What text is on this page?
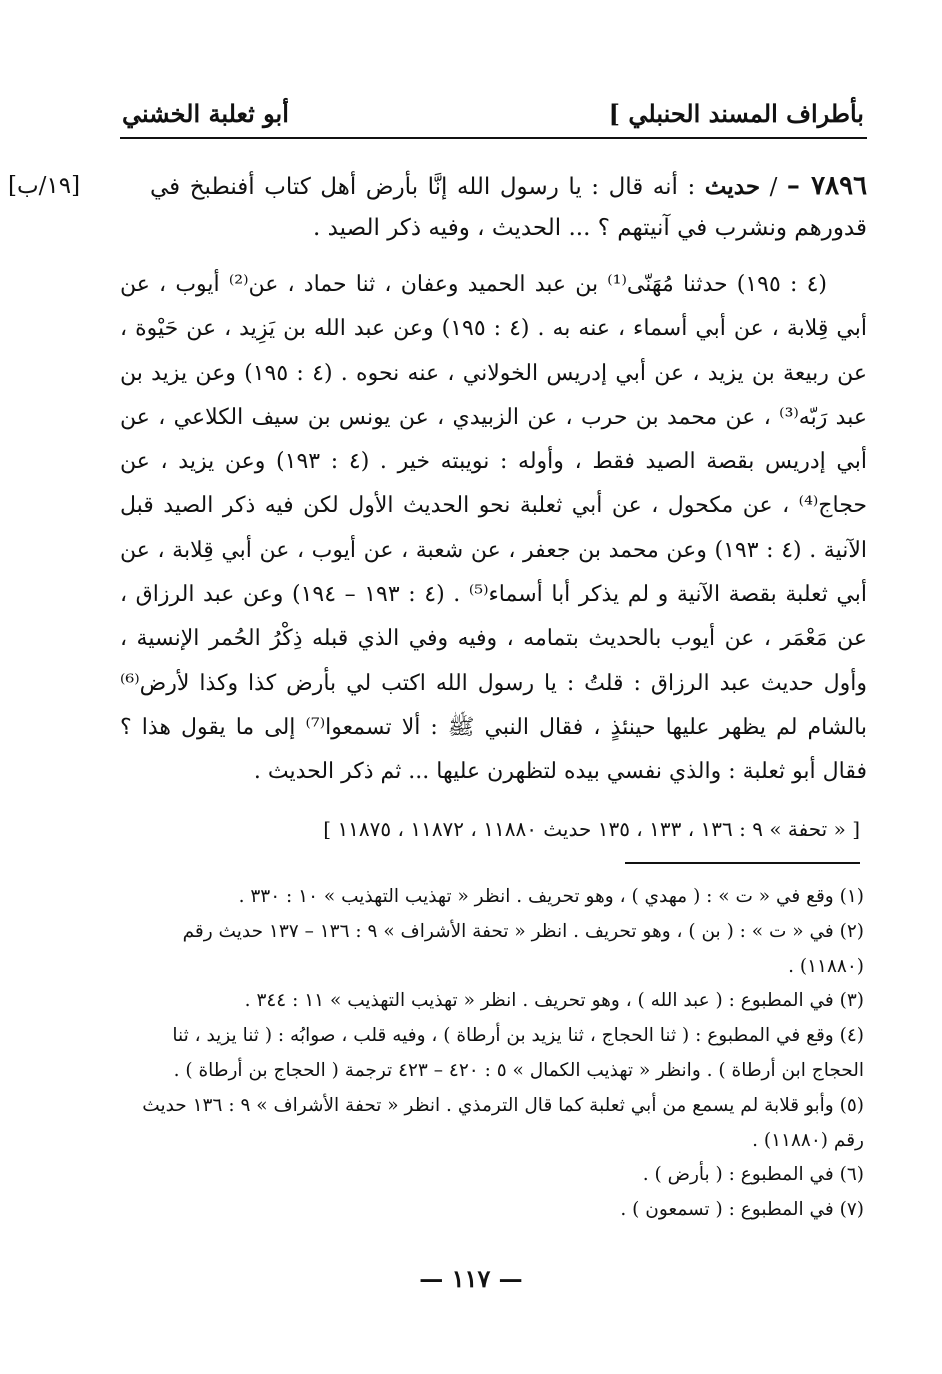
بأطراف المسند الحنبلي ]
أبو ثعلبة الخشني
٧٨٩٦ – / حديث : أنه قال : يا رسول الله إنَّا بأرض أهل كتاب أفنطبخ في قدورهم ونشرب في آنيتهم ؟ ... الحديث ، وفيه ذكر الصيد .
[١٩/ب]

(٤ : ١٩٥) حدثنا مُهَنّى⁽¹⁾ بن عبد الحميد وعفان ، ثنا حماد ، عن⁽²⁾ أيوب ، عن أبي قِلابة ، عن أبي أسماء ، عنه به . (٤ : ١٩٥) وعن عبد الله بن يَزِيد ، عن حَيْوة ، عن ربيعة بن يزيد ، عن أبي إدريس الخولاني ، عنه نحوه . (٤ : ١٩٥) وعن يزيد بن عبد رَبّه⁽³⁾ ، عن محمد بن حرب ، عن الزبيدي ، عن يونس بن سيف الكلاعي ، عن أبي إدريس بقصة الصيد فقط ، وأوله : نويبته خير . (٤ : ١٩٣) وعن يزيد ، عن حجاج⁽⁴⁾ ، عن مكحول ، عن أبي ثعلبة نحو الحديث الأول لكن فيه ذكر الصيد قبل الآنية . (٤ : ١٩٣) وعن محمد بن جعفر ، عن شعبة ، عن أيوب ، عن أبي قِلابة ، عن أبي ثعلبة بقصة الآنية و لم يذكر أبا أسماء⁽⁵⁾ . (٤ : ١٩٣ – ١٩٤) وعن عبد الرزاق ، عن مَعْمَر ، عن أيوب بالحديث بتمامه ، وفيه وفي الذي قبله ذِكْرُ الحُمر الإنسية ، وأول حديث عبد الرزاق : قلتُ : يا رسول الله اكتب لي بأرض كذا وكذا لأرض⁽⁶⁾ بالشام لم يظهر عليها حينئذٍ ، فقال النبي ﷺ : ألا تسمعوا⁽⁷⁾ إلى ما يقول هذا ؟ فقال أبو ثعلبة : والذي نفسي بيده لتظهرن عليها ... ثم ذكر الحديث .

[ « تحفة » ٩ : ١٣٦ ، ١٣٣ ، ١٣٥ حديث ١١٨٨٠ ، ١١٨٧٢ ، ١١٨٧٥ ]

(١) وقع في « ت » : ( مهدي ) ، وهو تحريف . انظر « تهذيب التهذيب » ١٠ : ٣٣٠ .

(٢) في « ت » : ( بن ) ، وهو تحريف . انظر « تحفة الأشراف » ٩ : ١٣٦ – ١٣٧ حديث رقم (١١٨٨٠) .

(٣) في المطبوع : ( عبد الله ) ، وهو تحريف . انظر « تهذيب التهذيب » ١١ : ٣٤٤ .

(٤) وقع في المطبوع : ( ثنا الحجاج ، ثنا يزيد بن أرطاة ) ، وفيه قلب ، صوابُه : ( ثنا يزيد ، ثنا الحجاج ابن أرطاة ) . وانظر « تهذيب الكمال » ٥ : ٤٢٠ – ٤٢٣ ترجمة ( الحجاج بن أرطاة ) .

(٥) وأبو قلابة لم يسمع من أبي ثعلبة كما قال الترمذي . انظر « تحفة الأشراف » ٩ : ١٣٦ حديث رقم (١١٨٨٠) .

(٦) في المطبوع : ( بأرض ) .

(٧) في المطبوع : ( تسمعون ) .

— ١١٧ —
